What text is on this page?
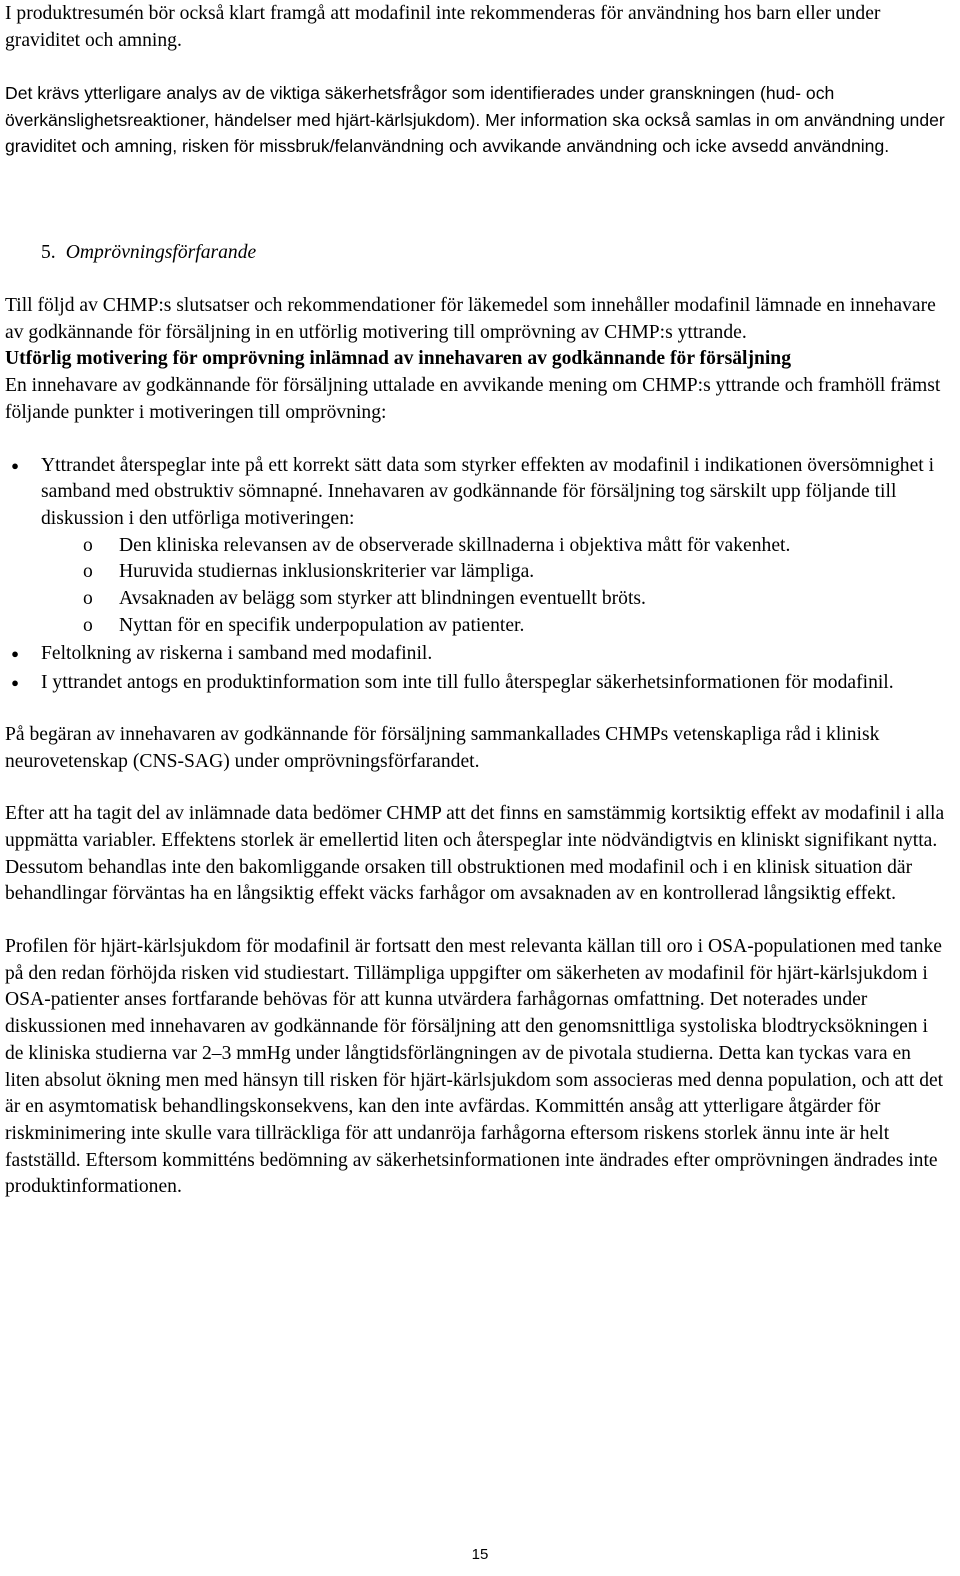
I produktresumén bör också klart framgå att modafinil inte rekommenderas för användning hos barn eller under graviditet och amning.

Det krävs ytterligare analys av de viktiga säkerhetsfrågor som identifierades under granskningen (hud- och överkänslighetsreaktioner, händelser med hjärt-kärlsjukdom). Mer information ska också samlas in om användning under graviditet och amning, risken för missbruk/felanvändning och avvikande användning och icke avsedd användning.

5. Omprövningsförfarande

Till följd av CHMP:s slutsatser och rekommendationer för läkemedel som innehåller modafinil lämnade en innehavare av godkännande för försäljning in en utförlig motivering till omprövning av CHMP:s yttrande.

Utförlig motivering för omprövning inlämnad av innehavaren av godkännande för försäljning

En innehavare av godkännande för försäljning uttalade en avvikande mening om CHMP:s yttrande och framhöll främst följande punkter i motiveringen till omprövning:

●	Yttrandet återspeglar inte på ett korrekt sätt data som styrker effekten av modafinil i indikationen översömnighet i samband med obstruktiv sömnapné. Innehavaren av godkännande för försäljning tog särskilt upp följande till diskussion i den utförliga motiveringen:
o Den kliniska relevansen av de observerade skillnaderna i objektiva mått för vakenhet.
o Huruvida studiernas inklusionskriterier var lämpliga.
o Avsaknaden av belägg som styrker att blindningen eventuellt bröts.
o Nyttan för en specifik underpopulation av patienter.
●	Feltolkning av riskerna i samband med modafinil.
●	I yttrandet antogs en produktinformation som inte till fullo återspeglar säkerhetsinformationen för modafinil.

På begäran av innehavaren av godkännande för försäljning sammankallades CHMPs vetenskapliga råd i klinisk neurovetenskap (CNS-SAG) under omprövningsförfarandet.

Efter att ha tagit del av inlämnade data bedömer CHMP att det finns en samstämmig kortsiktig effekt av modafinil i alla uppmätta variabler. Effektens storlek är emellertid liten och återspeglar inte nödvändigtvis en kliniskt signifikant nytta. Dessutom behandlas inte den bakomliggande orsaken till obstruktionen med modafinil och i en klinisk situation där behandlingar förväntas ha en långsiktig effekt väcks farhågor om avsaknaden av en kontrollerad långsiktig effekt.

Profilen för hjärt-kärlsjukdom för modafinil är fortsatt den mest relevanta källan till oro i OSA-populationen med tanke på den redan förhöjda risken vid studiestart. Tillämpliga uppgifter om säkerheten av modafinil för hjärt-kärlsjukdom i OSA-patienter anses fortfarande behövas för att kunna utvärdera farhågornas omfattning. Det noterades under diskussionen med innehavaren av godkännande för försäljning att den genomsnittliga systoliska blodtrycksökningen i de kliniska studierna var 2–3 mmHg under långtidsförlängningen av de pivotala studierna. Detta kan tyckas vara en liten absolut ökning men med hänsyn till risken för hjärt-kärlsjukdom som associeras med denna population, och att det är en asymtomatisk behandlingskonsekvens, kan den inte avfärdas. Kommittén ansåg att ytterligare åtgärder för riskminimering inte skulle vara tillräckliga för att undanröja farhågorna eftersom riskens storlek ännu inte är helt fastställd. Eftersom kommitténs bedömning av säkerhetsinformationen inte ändrades efter omprövningen ändrades inte produktinformationen.

15
